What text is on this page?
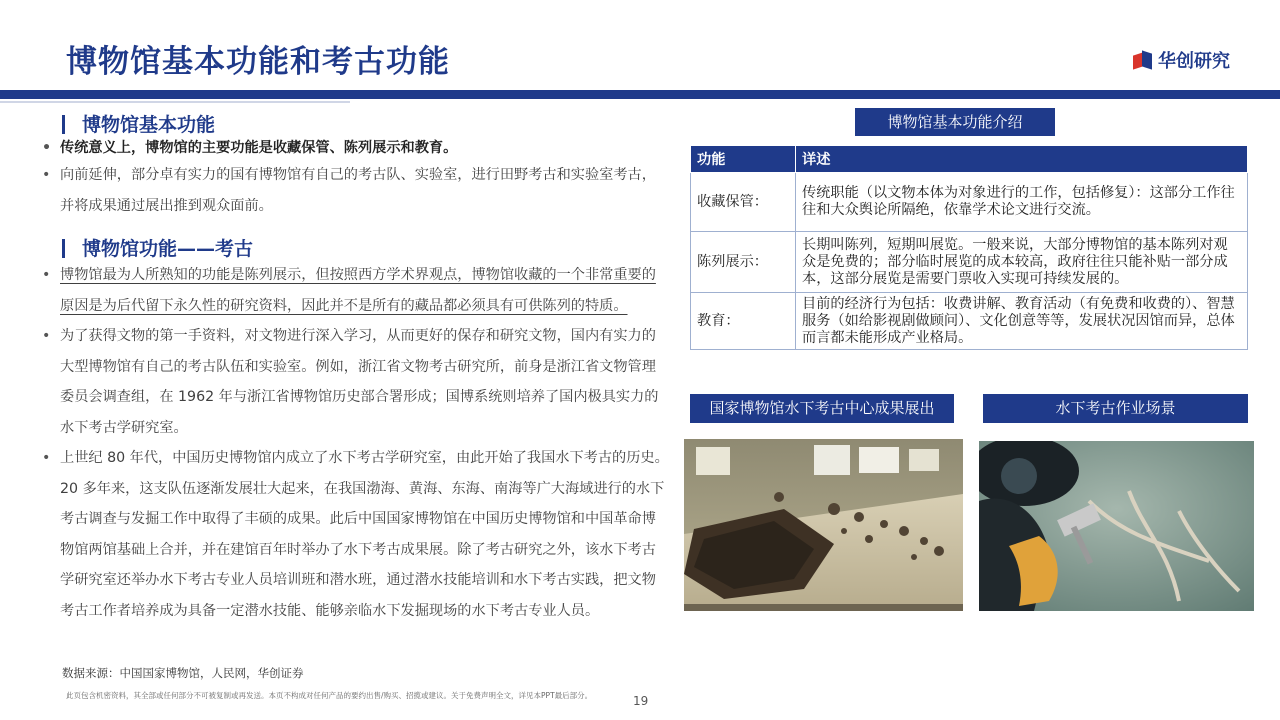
博物馆基本功能和考古功能	华创研究
博物馆基本功能
• 传统意义上，博物馆的主要功能是收藏保管、陈列展示和教育。
• 向前延伸，部分卓有实力的国有博物馆有自己的考古队、实验室，进行田野考古和实验室考古，并将成果通过展出推到观众面前。
博物馆功能——考古
• 博物馆最为人所熟知的功能是陈列展示，但按照西方学术界观点，博物馆收藏的一个非常重要的原因是为后代留下永久性的研究资料，因此并不是所有的藏品都必须具有可供陈列的特质。
• 为了获得文物的第一手资料，对文物进行深入学习，从而更好的保存和研究文物，国内有实力的大型博物馆有自己的考古队伍和实验室。例如，浙江省文物考古研究所，前身是浙江省文物管理委员会调查组，在 1962 年与浙江省博物馆历史部合署形成；国博系统则培养了国内极具实力的水下考古学研究室。
• 上世纪 80 年代，中国历史博物馆内成立了水下考古学研究室，由此开始了我国水下考古的历史。20 多年来，这支队伍逐渐发展壮大起来，在我国渤海、黄海、东海、南海等广大海域进行的水下考古调查与发掘工作中取得了丰硕的成果。此后中国国家博物馆在中国历史博物馆和中国革命博物馆两馆基础上合并，并在建馆百年时举办了水下考古成果展。除了考古研究之外，该水下考古学研究室还举办水下考古专业人员培训班和潜水班，通过潜水技能培训和水下考古实践，把文物考古工作者培养成为具备一定潜水技能、能够亲临水下发掘现场的水下考古专业人员。
数据来源：中国国家博物馆，人民网，华创证券
此页包含机密资料，其全部或任何部分不可被复制或再发送。本页不构成对任何产品的要约出售/购买、招揽或建议。关于免费声明全文，详见本PPT最后部分。	19
博物馆基本功能介绍
功能	详述
收藏保管：	传统职能（以文物本体为对象进行的工作，包括修复）：这部分工作往往和大众舆论所隔绝，依靠学术论文进行交流。
陈列展示：	长期叫陈列，短期叫展览。一般来说，大部分博物馆的基本陈列对观众是免费的；部分临时展览的成本较高，政府往往只能补贴一部分成本，这部分展览是需要门票收入实现可持续发展的。
教育：	目前的经济行为包括：收费讲解、教育活动（有免费和收费的）、智慧服务（如给影视剧做顾问）、文化创意等等，发展状况因馆而异，总体而言都未能形成产业格局。
国家博物馆水下考古中心成果展出	水下考古作业场景
